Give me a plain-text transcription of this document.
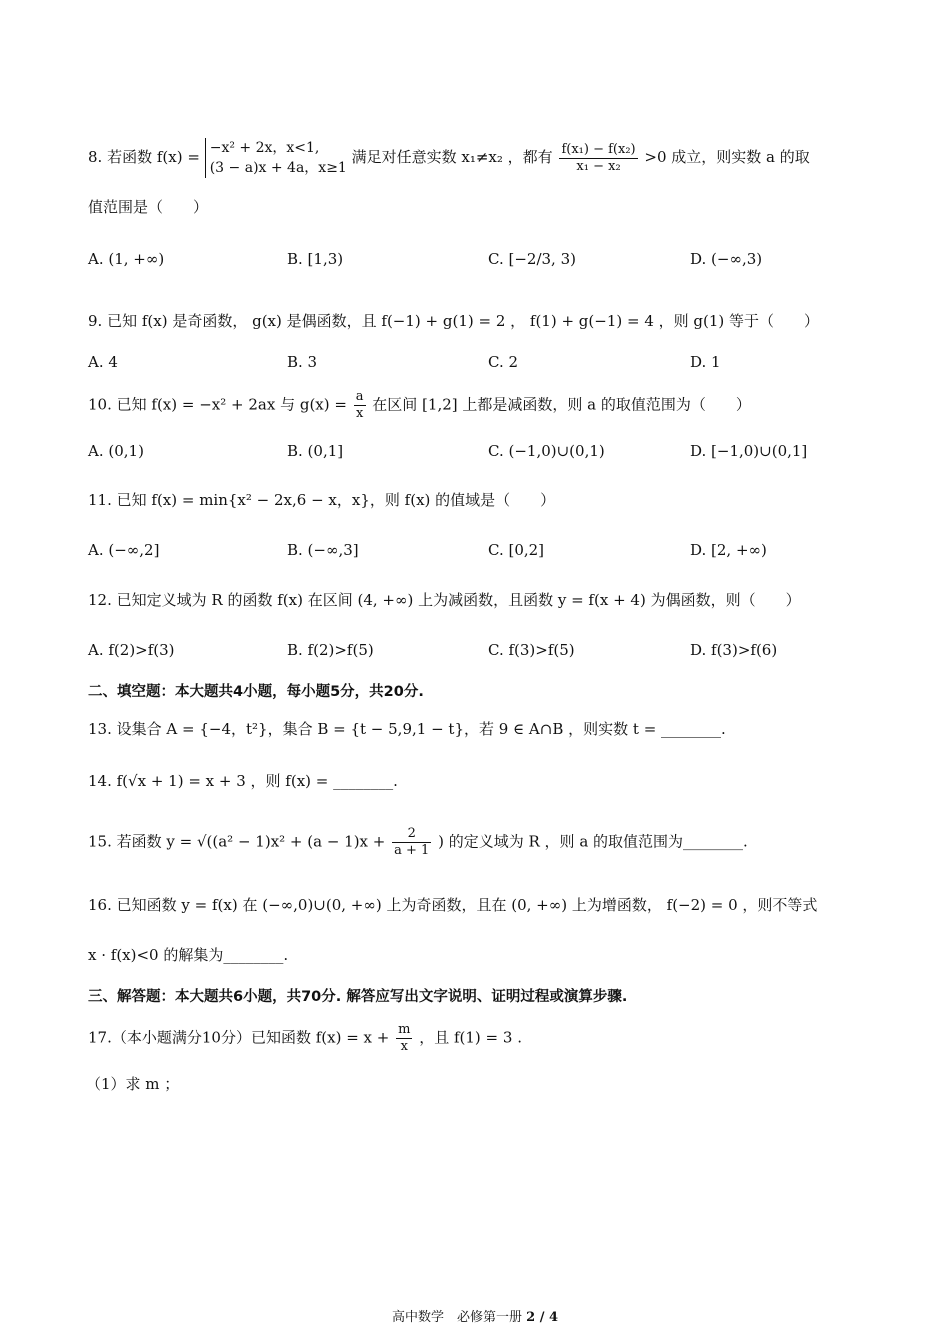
8. 若函数 f(x) = −x² + 2x，x<1,
(3 − a)x + 4a，x≥1
满足对任意实数 x₁≠x₂ ，都有 $\frac{\text{f(x₁) − f(x₂)}}{\text{x₁ − x₂}} >0$ 成立，则实数 a 的取
值范围是（　　）
A. (1, +∞)	B. [1,3)	C. [−2/3, 3)	D. (−∞,3)
9. 已知 f(x) 是奇函数， g(x) 是偶函数，且 f(−1) + g(1) = 2 ， f(1) + g(−1) = 4 ，则 g(1) 等于（　　）
A. 4	B. 3	C. 2	D. 1
10. 已知 f(x) = −x² + 2ax 与 $g(x) = \frac{a}{x}$ 在区间 [1,2] 上都是减函数，则 a 的取值范围为（　　）
A. (0,1)	B. (0,1]	C. (−1,0)∪(0,1)	D. [−1,0)∪(0,1]
11. 已知 f(x) = min{x² − 2x,6 − x，x}，则 f(x) 的值域是（　　）
A. (−∞,2]	B. (−∞,3]	C. [0,2]	D. [2, +∞)
12. 已知定义域为 R 的函数 f(x) 在区间 (4, +∞) 上为减函数，且函数 y = f(x + 4) 为偶函数，则（　　）
A. f(2)>f(3)	B. f(2)>f(5)	C. f(3)>f(5)	D. f(3)>f(6)
二、填空题：本大题共4小题，每小题5分，共20分.
13. 设集合 A = {−4，t²}，集合 B = {t − 5,9,1 − t}，若 9 ∈ A∩B ，则实数 t = ________.
14. f(√x + 1) = x + 3 ，则 f(x) = ________.
15. 若函数 $y = √((a^2 - 1)x^2 + (a - 1)x + \frac{2}{a + 1}$ ) 的定义域为 R ，则 a 的取值范围为________.
16. 已知函数 y = f(x) 在 (−∞,0)∪(0, +∞) 上为奇函数，且在 (0, +∞) 上为增函数， f(−2) = 0 ，则不等式
x · f(x)<0 的解集为________.
三、解答题：本大题共6小题，共70分. 解答应写出文字说明、证明过程或演算步骤.
17.（本小题满分10分）已知函数 $f(x) = x + \frac{m}{x}$ ，且 f(1) = 3 .
（1）求 m ；
高中数学　必修第一册 2 / 4
